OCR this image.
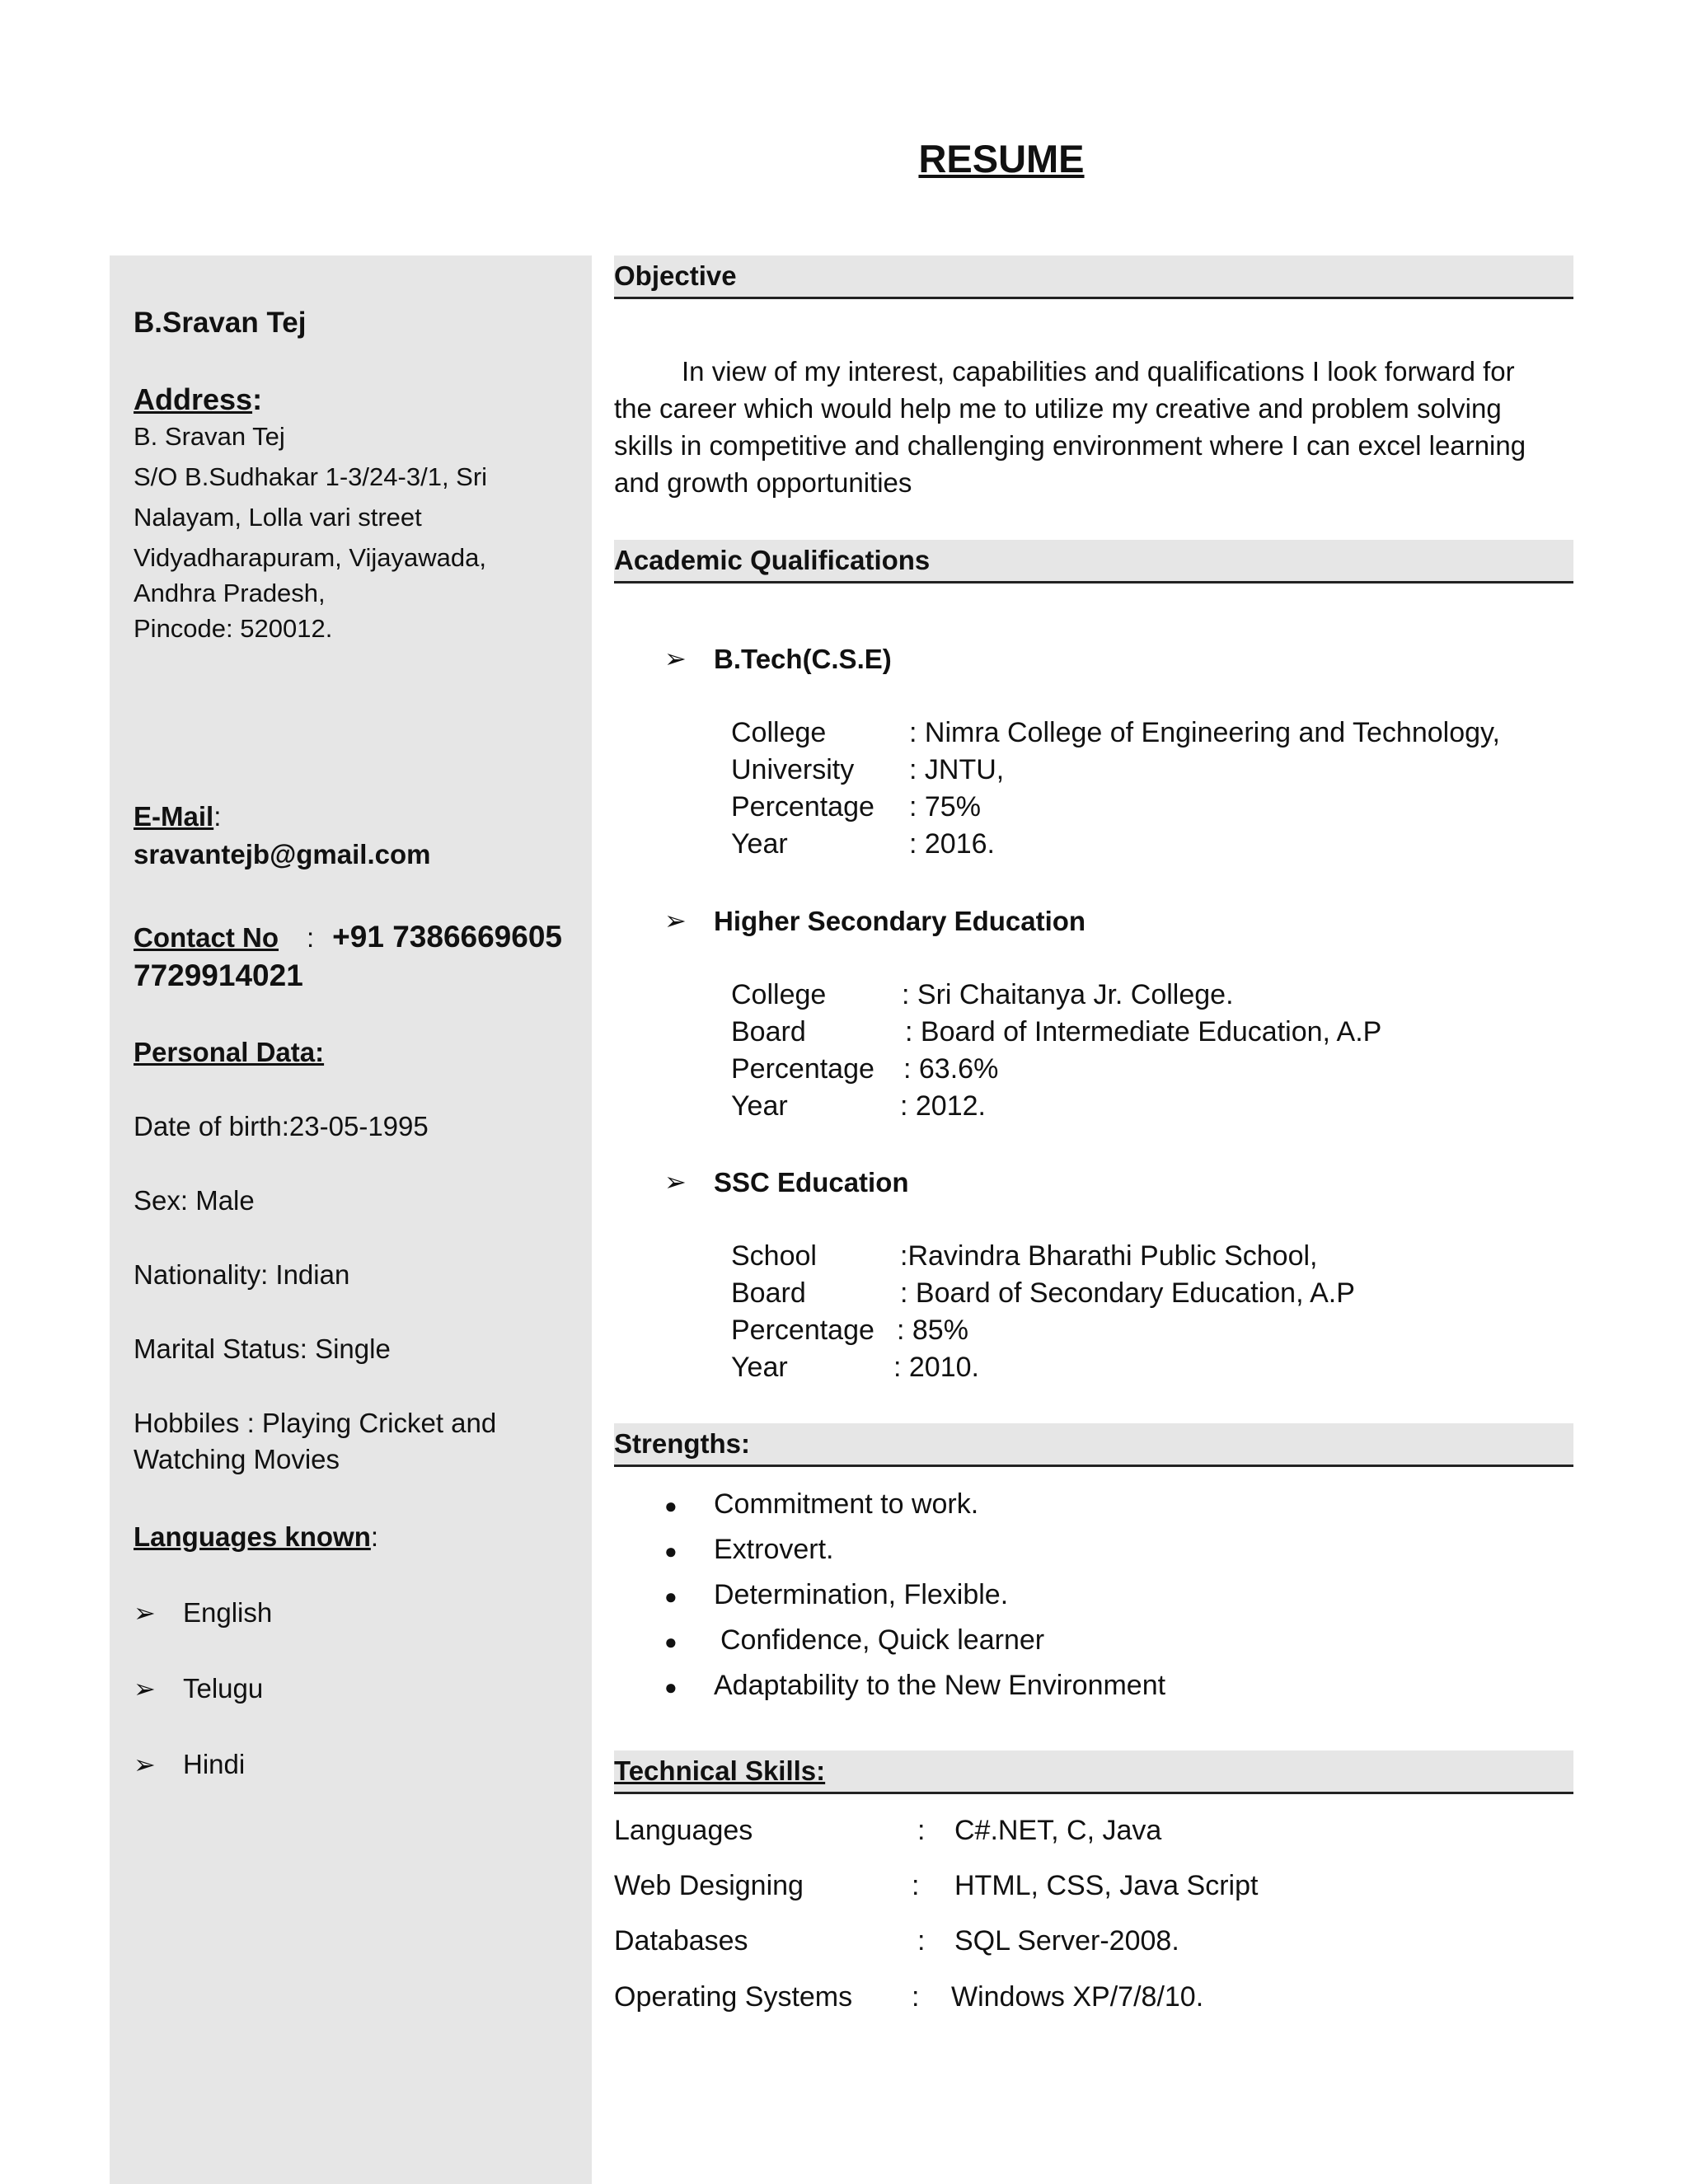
RESUME
B.Sravan Tej
Address:
B. Sravan Tej
S/O B.Sudhakar 1-3/24-3/1, Sri
Nalayam, Lolla vari street
Vidyadharapuram, Vijayawada,
Andhra Pradesh,
Pincode: 520012.
E-Mail:
sravantejb@gmail.com
Contact No : +91 7386669605
7729914021
Personal Data:
Date of birth:23-05-1995
Sex: Male
Nationality: Indian
Marital Status: Single
Hobbiles : Playing Cricket and
Watching Movies
Languages known:
➢ English
➢ Telugu
➢ Hindi
Objective
In view of my interest, capabilities and qualifications I look forward for
the career which would help me to utilize my creative and problem solving
skills in competitive and challenging environment where I can excel learning
and growth opportunities
Academic Qualifications
➢ B.Tech(C.S.E)
College	: Nimra College of Engineering and Technology,
University : JNTU,
Percentage : 75%
Year	: 2016.
➢ Higher Secondary Education
College	: Sri Chaitanya Jr. College.
Board	: Board of Intermediate Education, A.P
Percentage : 63.6%
Year	: 2012.
➢ SSC Education
School	:Ravindra Bharathi Public School,
Board	: Board of Secondary Education, A.P
Percentage : 85%
Year	: 2010.
Strengths:
● Commitment to work.
● Extrovert.
● Determination, Flexible.
● Confidence, Quick learner
● Adaptability to the New Environment
Technical Skills:
Languages	: C#.NET, C, Java
Web Designing	: HTML, CSS, Java Script
Databases	: SQL Server-2008.
Operating Systems : Windows XP/7/8/10.
